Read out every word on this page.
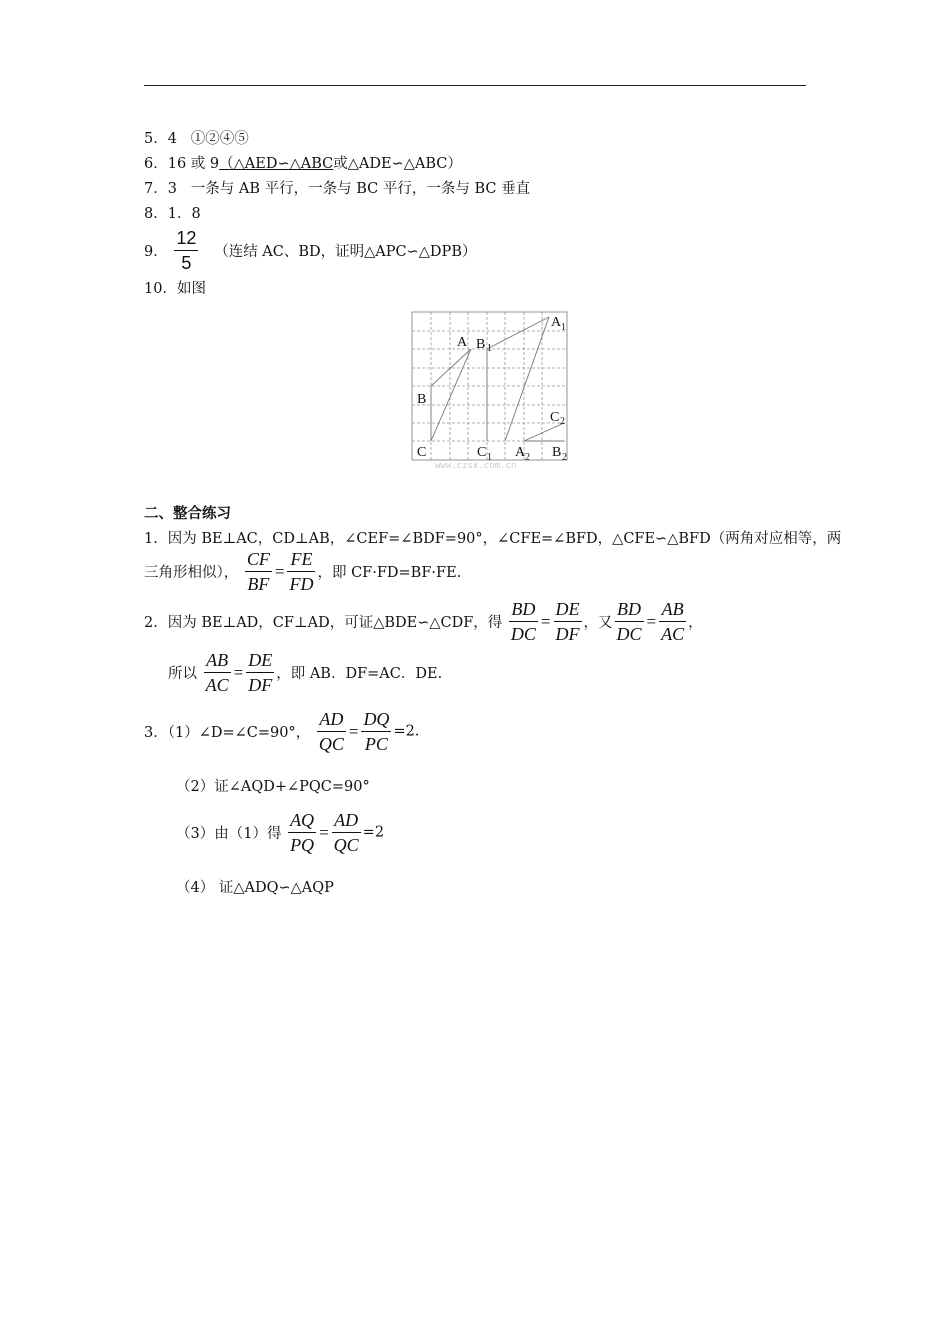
5．4 ①②④⑤
6．16 或 9（△AED∽△ABC或△ADE∽△ABC）
7．3 一条与 AB 平行，一条与 BC 平行，一条与 BC 垂直
8．1．8
9． $\frac{12}{5}$ （连结 AC、BD，证明△APC∽△DPB）
10．如图
A B 1
A 1
B
C 2
C	C 1 A 2 B 2
www.czsx.com.cn
二、整合练习
1．因为 BE⊥AC，CD⊥AB，∠CEF=∠BDF=90°，∠CFE=∠BFD，△CFE∽△BFD（两角对应相等，两
三角形相似）， $\frac{CF}{BF} = \frac{FE}{FD}$ ，即 CF·FD=BF·FE.
2．因为 BE⊥AD，CF⊥AD，可证△BDE∽△CDF，得 $\frac{BD}{DC} = \frac{DE}{DF}$ ，又 $\frac{BD}{DC} = \frac{AB}{AC}$ ，
所以 $\frac{AB}{AC} = \frac{DE}{DF}$ ，即 AB．DF=AC．DE.
3．（1）∠D=∠C=90°， $\frac{AD}{QC} = \frac{DQ}{PC} =2$.
（2）证∠AQD+∠PQC=90°
（3）由（1）得 $\frac{AQ}{PQ} = \frac{AD}{QC} =2$
（4） 证△ADQ∽△AQP
